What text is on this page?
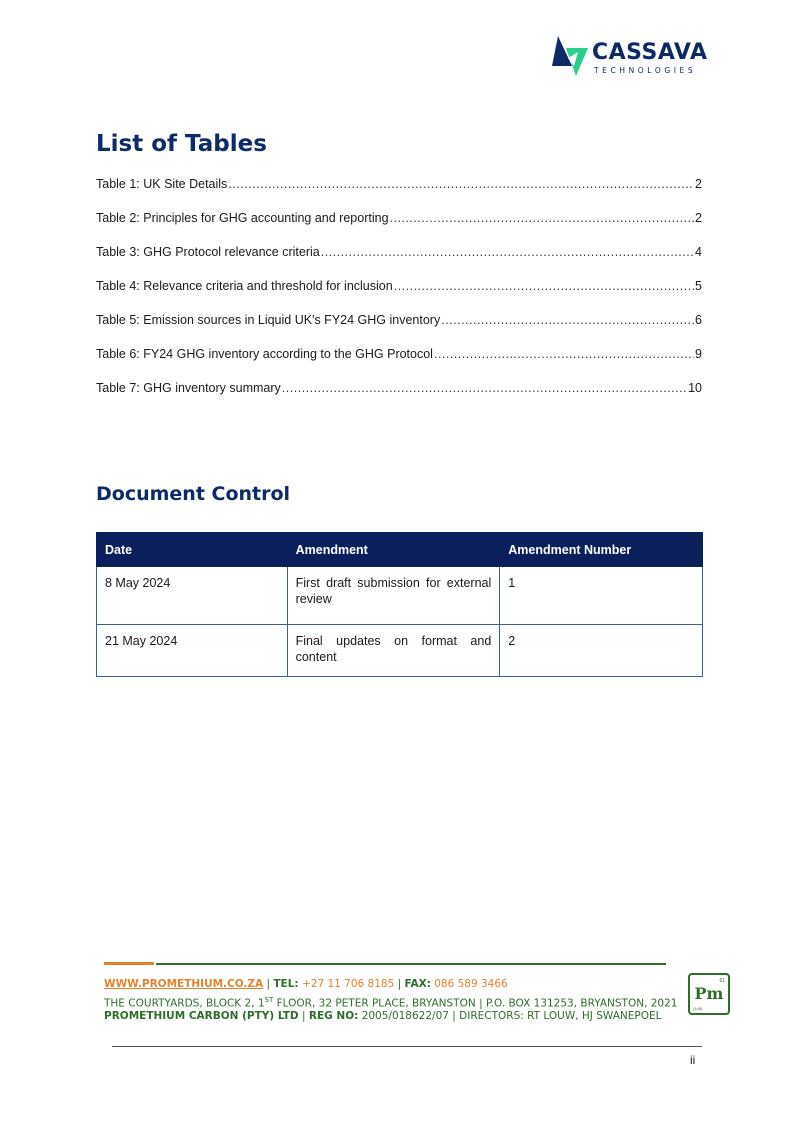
CASSAVA
TECHNOLOGIES
List of Tables
Table 1: UK Site Details .....	2
Table 2: Principles for GHG accounting and reporting .....	2
Table 3: GHG Protocol relevance criteria .....	4
Table 4: Relevance criteria and threshold for inclusion .....	5
Table 5: Emission sources in Liquid UK's FY24 GHG inventory .....	6
Table 6: FY24 GHG inventory according to the GHG Protocol .....	9
Table 7: GHG inventory summary .....	10
Document Control
Date	Amendment	Amendment Number
8 May 2024	First draft submission for external review	1
21 May 2024	Final updates on format and content	2
WWW.PROMETHIUM.CO.ZA | TEL: +27 11 706 8185 | FAX: 086 589 3466
THE COURTYARDS, BLOCK 2, 1ST FLOOR, 32 PETER PLACE, BRYANSTON | P.O. BOX 131253, BRYANSTON, 2021
PROMETHIUM CARBON (PTY) LTD | REG NO: 2005/018622/07 | DIRECTORS: RT LOUW, HJ SWANEPOEL
61
Pm
(145)
ii
